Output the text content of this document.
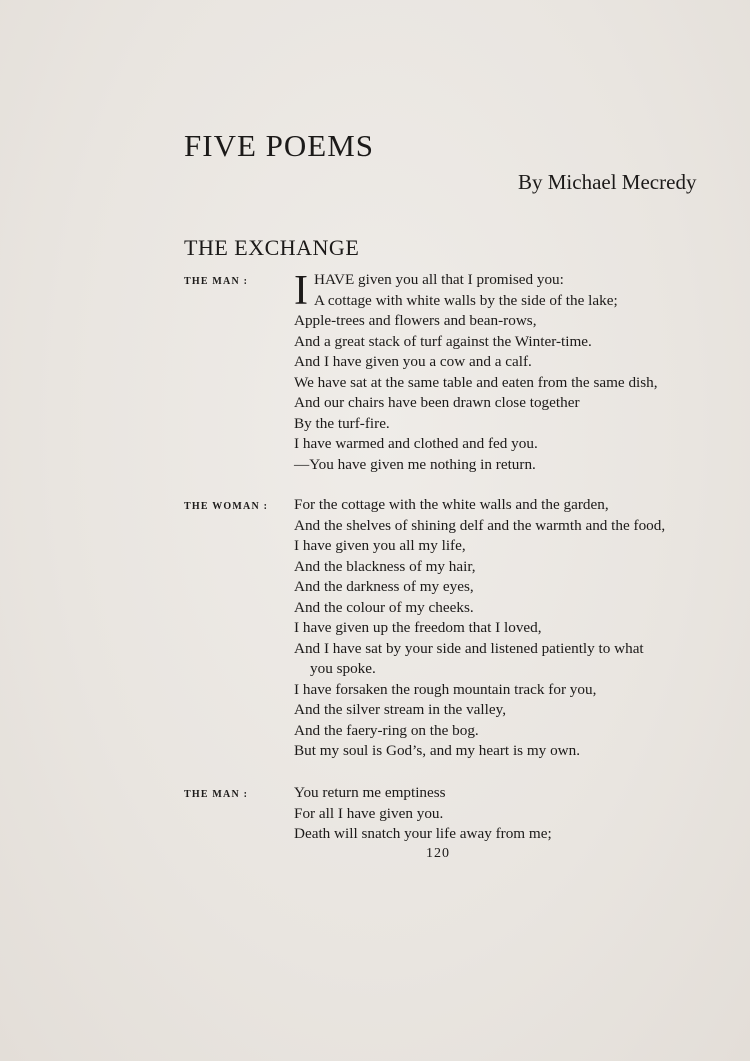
FIVE POEMS
By Michael Mecredy
THE EXCHANGE
THE MAN : I HAVE given you all that I promised you:
A cottage with white walls by the side of the lake;
Apple-trees and flowers and bean-rows,
And a great stack of turf against the Winter-time.
And I have given you a cow and a calf.
We have sat at the same table and eaten from the same dish,
And our chairs have been drawn close together
By the turf-fire.
I have warmed and clothed and fed you.
—You have given me nothing in return.
THE WOMAN : For the cottage with the white walls and the garden,
And the shelves of shining delf and the warmth and the food,
I have given you all my life,
And the blackness of my hair,
And the darkness of my eyes,
And the colour of my cheeks.
I have given up the freedom that I loved,
And I have sat by your side and listened patiently to what
you spoke.
I have forsaken the rough mountain track for you,
And the silver stream in the valley,
And the faery-ring on the bog.
But my soul is God’s, and my heart is my own.
THE MAN :	You return me emptiness
For all I have given you.
Death will snatch your life away from me;
120
